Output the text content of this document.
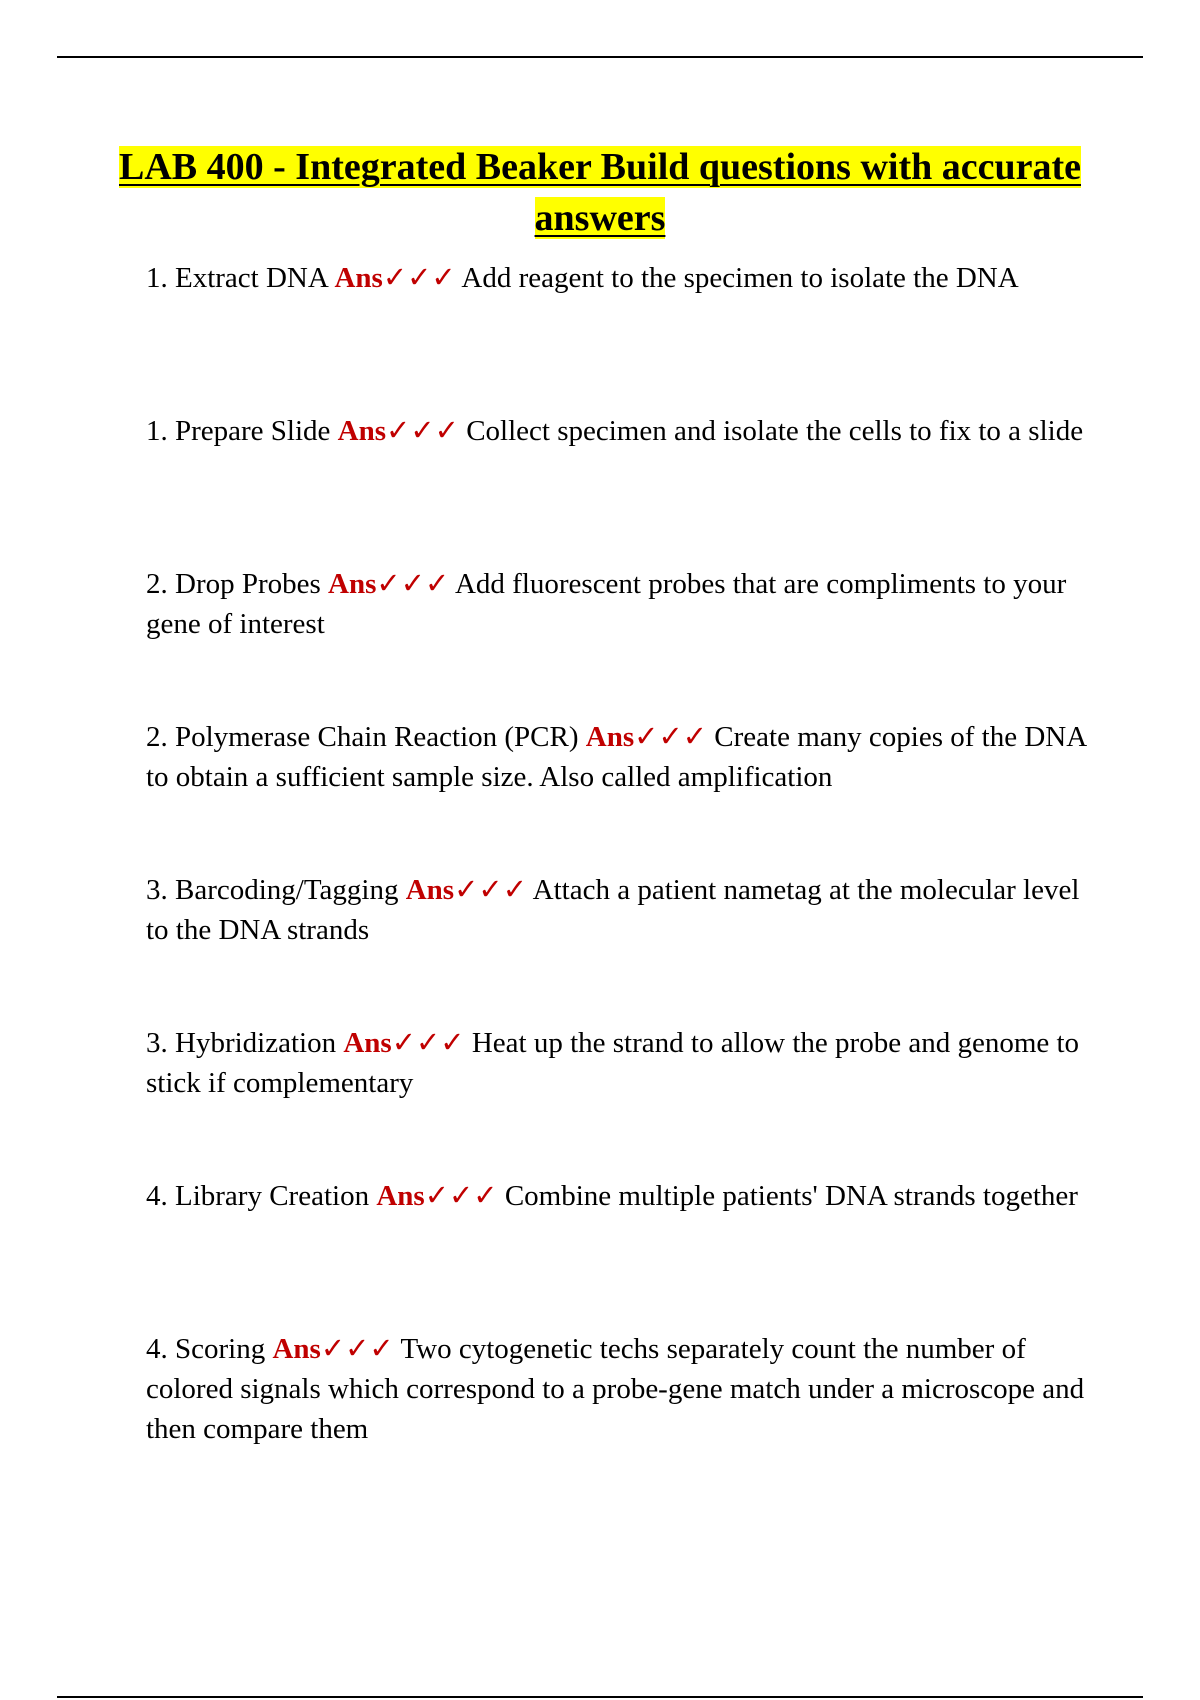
LAB 400 - Integrated Beaker Build questions with accurate answers
1. Extract DNA Ans✓✓✓ Add reagent to the specimen to isolate the DNA
1. Prepare Slide Ans✓✓✓ Collect specimen and isolate the cells to fix to a slide
2. Drop Probes Ans✓✓✓ Add fluorescent probes that are compliments to your gene of interest
2. Polymerase Chain Reaction (PCR) Ans✓✓✓ Create many copies of the DNA to obtain a sufficient sample size. Also called amplification
3. Barcoding/Tagging Ans✓✓✓ Attach a patient nametag at the molecular level to the DNA strands
3. Hybridization Ans✓✓✓ Heat up the strand to allow the probe and genome to stick if complementary
4. Library Creation Ans✓✓✓ Combine multiple patients' DNA strands together
4. Scoring Ans✓✓✓ Two cytogenetic techs separately count the number of colored signals which correspond to a probe-gene match under a microscope and then compare them
